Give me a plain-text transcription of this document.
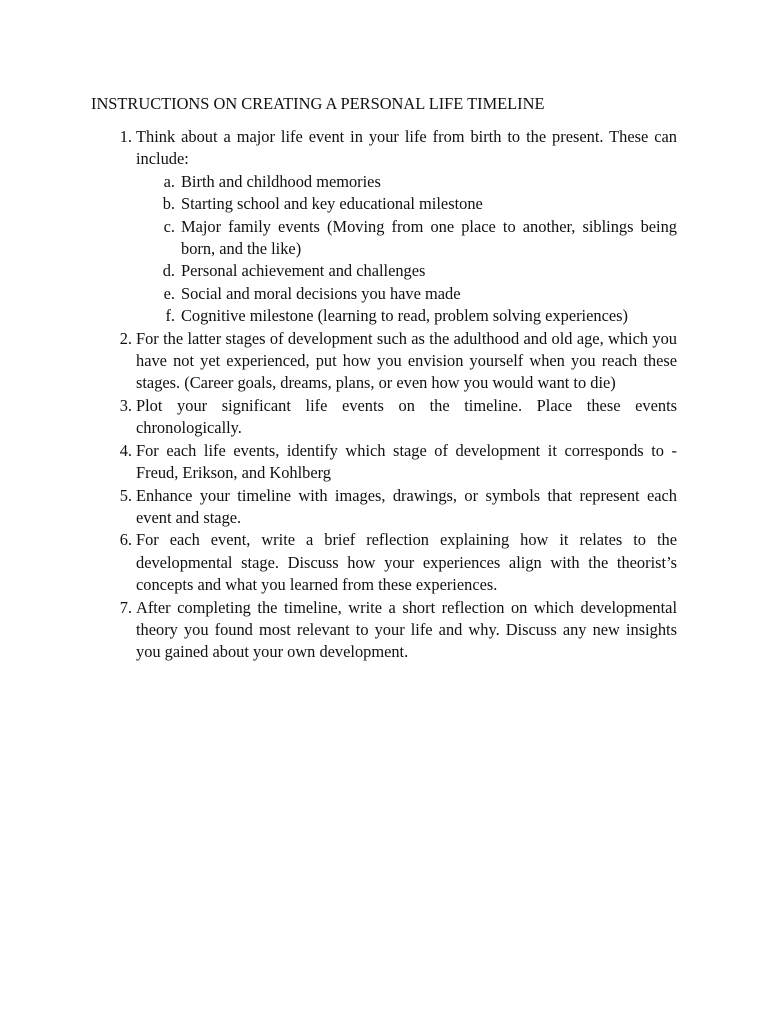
INSTRUCTIONS ON CREATING A PERSONAL LIFE TIMELINE
1. Think about a major life event in your life from birth to the present. These can include:
a. Birth and childhood memories
b. Starting school and key educational milestone
c. Major family events (Moving from one place to another, siblings being born, and the like)
d. Personal achievement and challenges
e. Social and moral decisions you have made
f. Cognitive milestone (learning to read, problem solving experiences)
2. For the latter stages of development such as the adulthood and old age, which you have not yet experienced, put how you envision yourself when you reach these stages. (Career goals, dreams, plans, or even how you would want to die)
3. Plot your significant life events on the timeline. Place these events chronologically.
4. For each life events, identify which stage of development it corresponds to - Freud, Erikson, and Kohlberg
5. Enhance your timeline with images, drawings, or symbols that represent each event and stage.
6. For each event, write a brief reflection explaining how it relates to the developmental stage. Discuss how your experiences align with the theorist’s concepts and what you learned from these experiences.
7. After completing the timeline, write a short reflection on which developmental theory you found most relevant to your life and why. Discuss any new insights you gained about your own development.
